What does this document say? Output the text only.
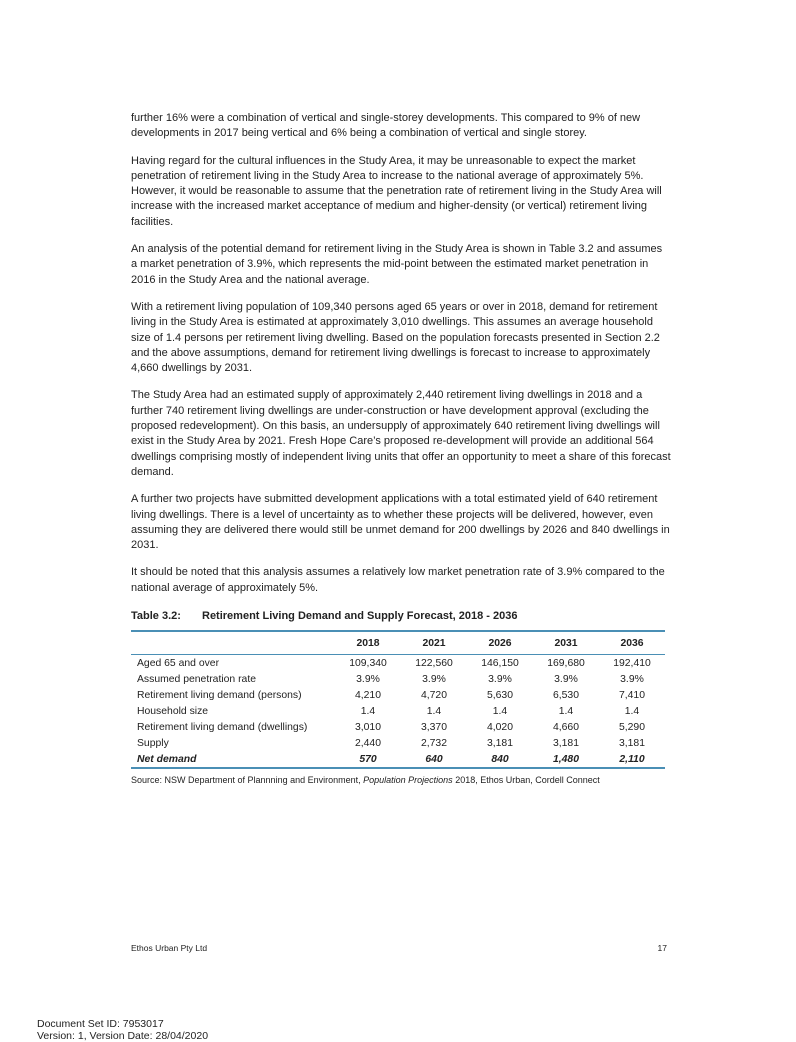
further 16% were a combination of vertical and single-storey developments. This compared to 9% of new developments in 2017 being vertical and 6% being a combination of vertical and single storey.

Having regard for the cultural influences in the Study Area, it may be unreasonable to expect the market penetration of retirement living in the Study Area to increase to the national average of approximately 5%. However, it would be reasonable to assume that the penetration rate of retirement living in the Study Area will increase with the increased market acceptance of medium and higher-density (or vertical) retirement living facilities.

An analysis of the potential demand for retirement living in the Study Area is shown in Table 3.2 and assumes a market penetration of 3.9%, which represents the mid-point between the estimated market penetration in 2016 in the Study Area and the national average.

With a retirement living population of 109,340 persons aged 65 years or over in 2018, demand for retirement living in the Study Area is estimated at approximately 3,010 dwellings. This assumes an average household size of 1.4 persons per retirement living dwelling. Based on the population forecasts presented in Section 2.2 and the above assumptions, demand for retirement living dwellings is forecast to increase to approximately 4,660 dwellings by 2031.

The Study Area had an estimated supply of approximately 2,440 retirement living dwellings in 2018 and a further 740 retirement living dwellings are under-construction or have development approval (excluding the proposed redevelopment). On this basis, an undersupply of approximately 640 retirement living dwellings will exist in the Study Area by 2021. Fresh Hope Care’s proposed re-development will provide an additional 564 dwellings comprising mostly of independent living units that offer an opportunity to meet a share of this forecast demand.

A further two projects have submitted development applications with a total estimated yield of 640 retirement living dwellings. There is a level of uncertainty as to whether these projects will be delivered, however, even assuming they are delivered there would still be unmet demand for 200 dwellings by 2026 and 840 dwellings in 2031.

It should be noted that this analysis assumes a relatively low market penetration rate of 3.9% compared to the national average of approximately 5%.

Table 3.2:	Retirement Living Demand and Supply Forecast, 2018 - 2036
	2018	2021	2026	2031	2036
Aged 65 and over	109,340	122,560	146,150	169,680	192,410
Assumed penetration rate	3.9%	3.9%	3.9%	3.9%	3.9%
Retirement living demand (persons)	4,210	4,720	5,630	6,530	7,410
Household size	1.4	1.4	1.4	1.4	1.4
Retirement living demand (dwellings)	3,010	3,370	4,020	4,660	5,290
Supply	2,440	2,732	3,181	3,181	3,181
Net demand	570	640	840	1,480	2,110
Source: NSW Department of Plannning and Environment, Population Projections 2018, Ethos Urban, Cordell Connect
Ethos Urban Pty Ltd	17
Document Set ID: 7953017
Version: 1, Version Date: 28/04/2020
